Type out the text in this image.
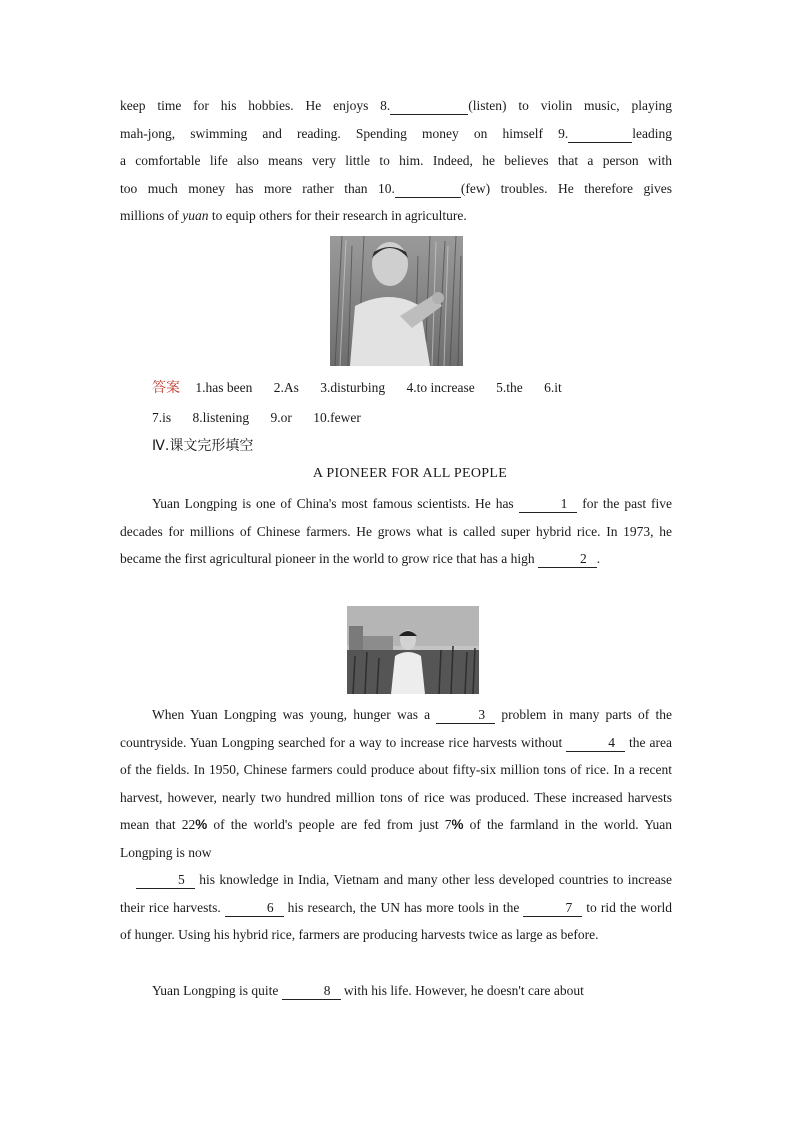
keep time for his hobbies. He enjoys 8.	(listen) to violin music, playing
mah-jong, swimming and reading. Spending money on himself 9.	leading
a comfortable life also means very little to him. Indeed, he believes that a person with
too much money has more rather than 10.	(few) troubles. He therefore gives
millions of yuan to equip others for their research in agriculture.
答案 1.has been 2.As 3.disturbing 4.to increase 5.the 6.it
7.is 8.listening 9.or 10.fewer
Ⅳ.课文完形填空
A PIONEER FOR ALL PEOPLE
Yuan Longping is one of China's most famous scientists. He has	1 for the past five decades for millions of Chinese farmers. He grows what is called super hybrid rice. In 1973, he became the first agricultural pioneer in the world to grow rice that has a high	2 .
When Yuan Longping was young, hunger was a	3 problem in many parts of the countryside. Yuan Longping searched for a way to increase rice harvests without	4 the area of the fields. In 1950, Chinese farmers could produce about fifty-six million tons of rice. In a recent harvest, however, nearly two hundred million tons of rice was produced. These increased harvests mean that 22% of the world's people are fed from just 7% of the farmland in the world. Yuan Longping is now
5 his knowledge in India, Vietnam and many other less developed countries to increase their rice harvests.	6 his research, the UN has more tools in the	7 to rid the world of hunger. Using his hybrid rice, farmers are producing harvests twice as large as before.
Yuan Longping is quite	8 with his life. However, he doesn't care about
